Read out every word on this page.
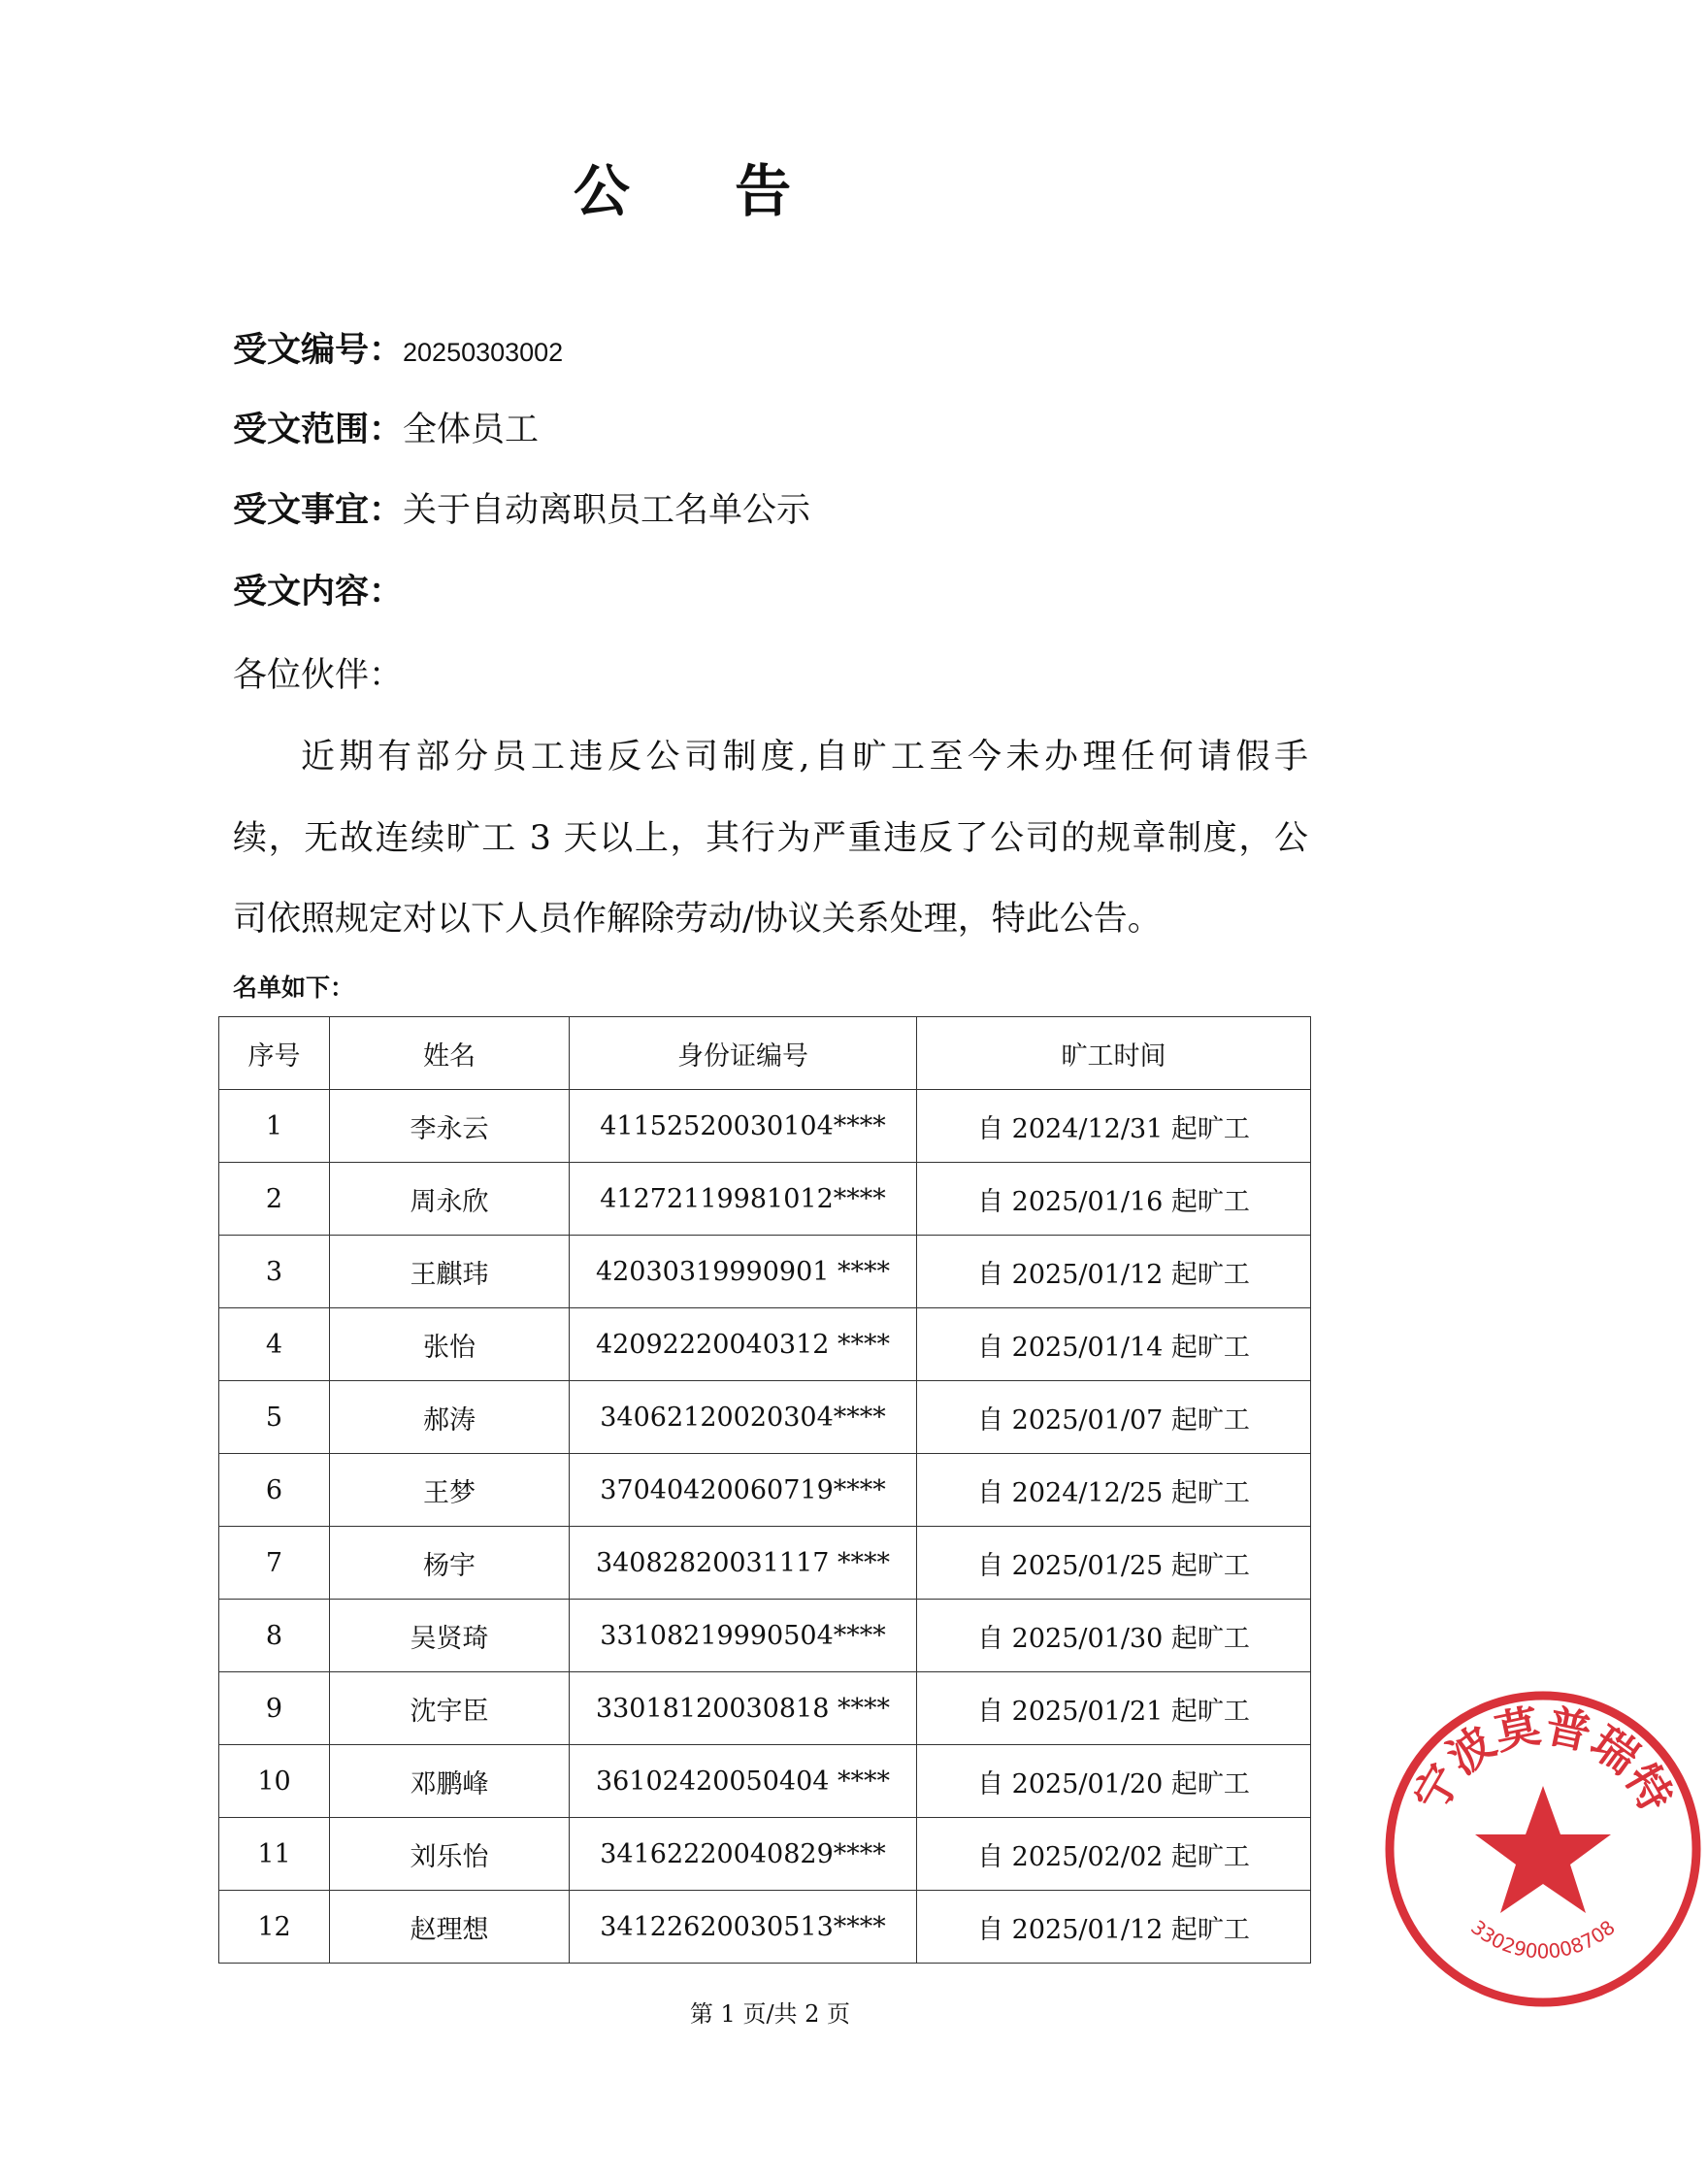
公 告
受文编号：20250303002
受文范围：全体员工
受文事宜：关于自动离职员工名单公示
受文内容：
各位伙伴：
近期有部分员工违反公司制度,自旷工至今未办理任何请假手
续，无故连续旷工 3 天以上，其行为严重违反了公司的规章制度，公
司依照规定对以下人员作解除劳动/协议关系处理，特此公告。
名单如下：
序号	姓名	身份证编号	旷工时间
1	李永云	41152520030104****	自 2024/12/31 起旷工
2	周永欣	41272119981012****	自 2025/01/16 起旷工
3	王麒玮	42030319990901 ****	自 2025/01/12 起旷工
4	张怡	42092220040312 ****	自 2025/01/14 起旷工
5	郝涛	34062120020304****	自 2025/01/07 起旷工
6	王梦	37040420060719****	自 2024/12/25 起旷工
7	杨宇	34082820031117 ****	自 2025/01/25 起旷工
8	吴贤琦	33108219990504****	自 2025/01/30 起旷工
9	沈宇臣	33018120030818 ****	自 2025/01/21 起旷工
10	邓鹏峰	36102420050404 ****	自 2025/01/20 起旷工
11	刘乐怡	34162220040829****	自 2025/02/02 起旷工
12	赵理想	34122620030513****	自 2025/01/12 起旷工
第 1 页/共 2 页
宁波莫普瑞特
3302900008708
